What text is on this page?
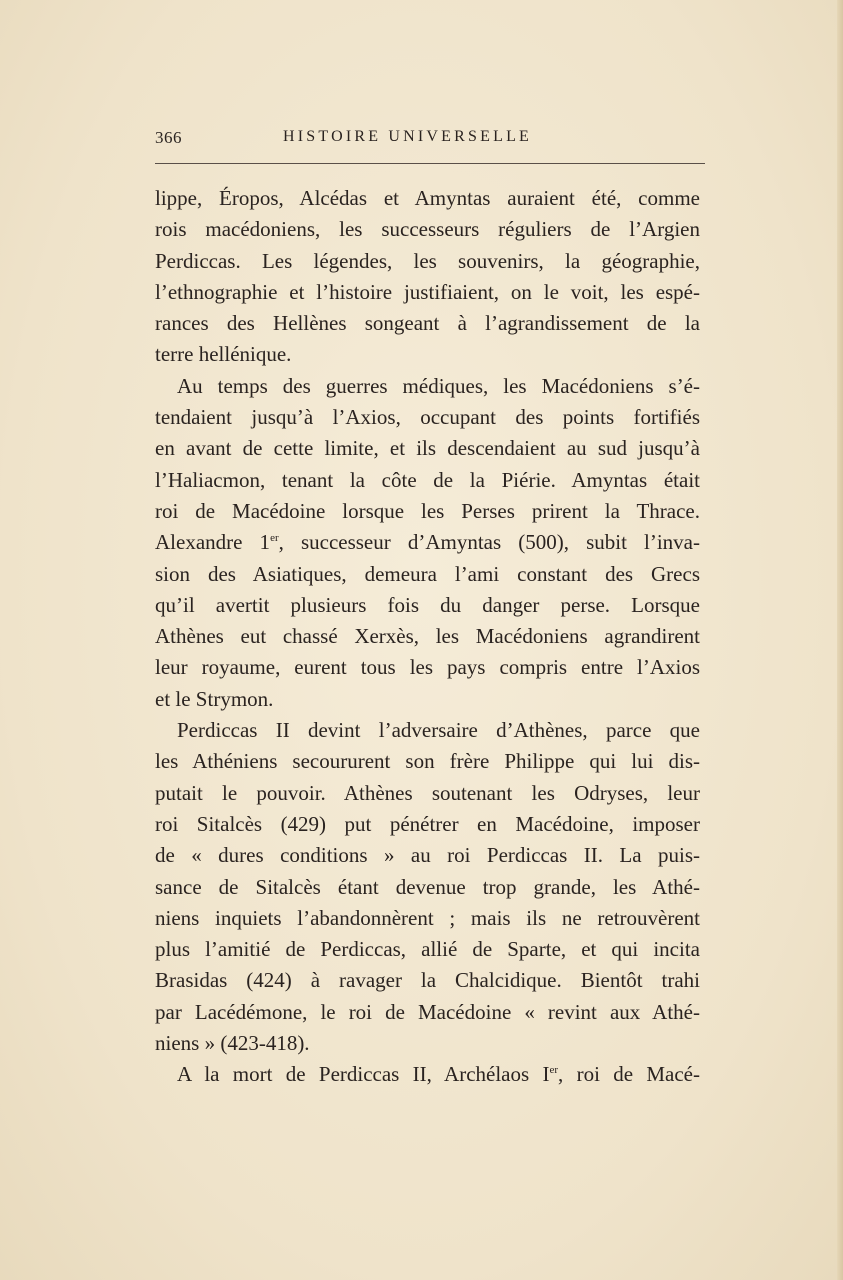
366	HISTOIRE UNIVERSELLE
lippe, Éropos, Alcédas et Amyntas auraient été, comme
rois macédoniens, les successeurs réguliers de l’Argien
Perdiccas. Les légendes, les souvenirs, la géographie,
l’ethnographie et l’histoire justifiaient, on le voit, les espé-
rances des Hellènes songeant à l’agrandissement de la
terre hellénique.
Au temps des guerres médiques, les Macédoniens s’é-
tendaient jusqu’à l’Axios, occupant des points fortifiés
en avant de cette limite, et ils descendaient au sud jusqu’à
l’Haliacmon, tenant la côte de la Piérie. Amyntas était
roi de Macédoine lorsque les Perses prirent la Thrace.
Alexandre 1er, successeur d’Amyntas (500), subit l’inva-
sion des Asiatiques, demeura l’ami constant des Grecs
qu’il avertit plusieurs fois du danger perse. Lorsque
Athènes eut chassé Xerxès, les Macédoniens agrandirent
leur royaume, eurent tous les pays compris entre l’Axios
et le Strymon.
Perdiccas II devint l’adversaire d’Athènes, parce que
les Athéniens secoururent son frère Philippe qui lui dis-
putait le pouvoir. Athènes soutenant les Odryses, leur
roi Sitalcès (429) put pénétrer en Macédoine, imposer
de « dures conditions » au roi Perdiccas II. La puis-
sance de Sitalcès étant devenue trop grande, les Athé-
niens inquiets l’abandonnèrent ; mais ils ne retrouvèrent
plus l’amitié de Perdiccas, allié de Sparte, et qui incita
Brasidas (424) à ravager la Chalcidique. Bientôt trahi
par Lacédémone, le roi de Macédoine « revint aux Athé-
niens » (423-418).
A la mort de Perdiccas II, Archélaos Ier, roi de Macé-
